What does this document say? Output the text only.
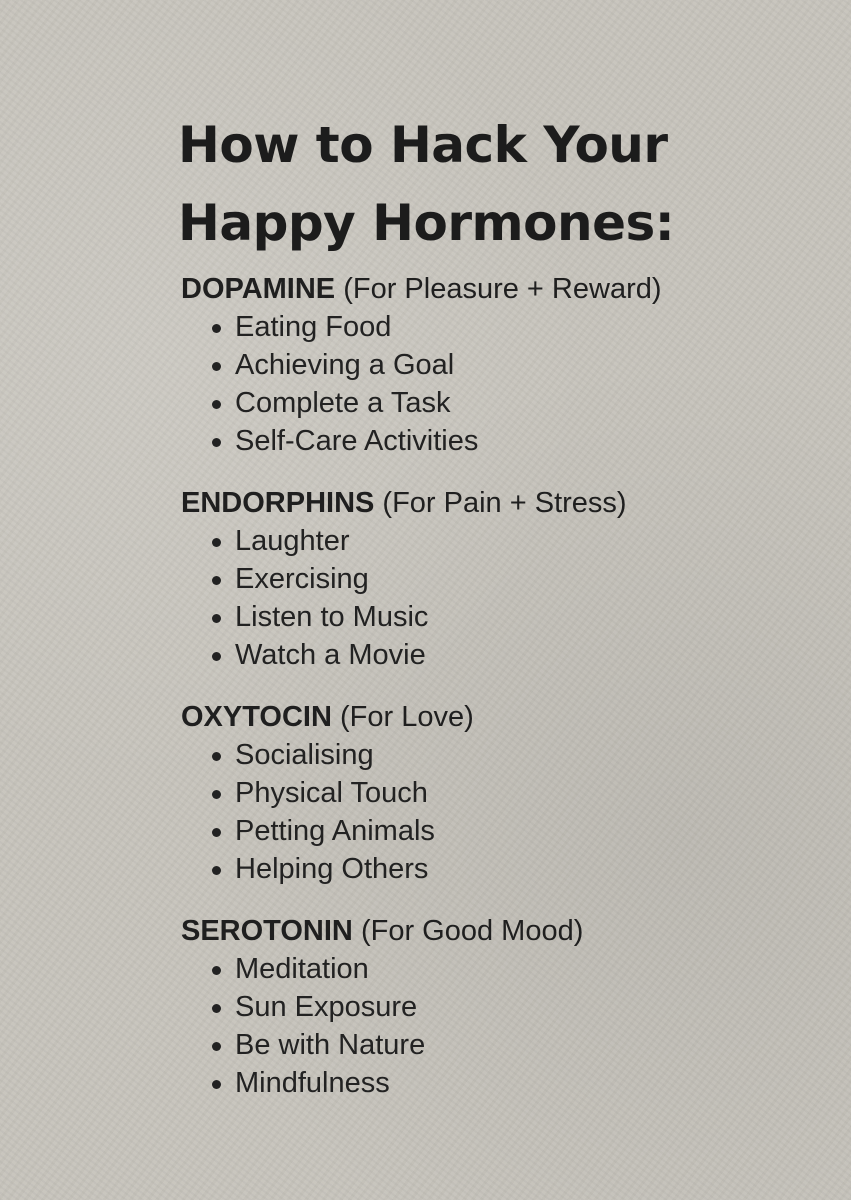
How to Hack Your
Happy Hormones:
DOPAMINE (For Pleasure + Reward)
Eating Food
Achieving a Goal
Complete a Task
Self-Care Activities
ENDORPHINS (For Pain + Stress)
Laughter
Exercising
Listen to Music
Watch a Movie
OXYTOCIN (For Love)
Socialising
Physical Touch
Petting Animals
Helping Others
SEROTONIN (For Good Mood)
Meditation
Sun Exposure
Be with Nature
Mindfulness
